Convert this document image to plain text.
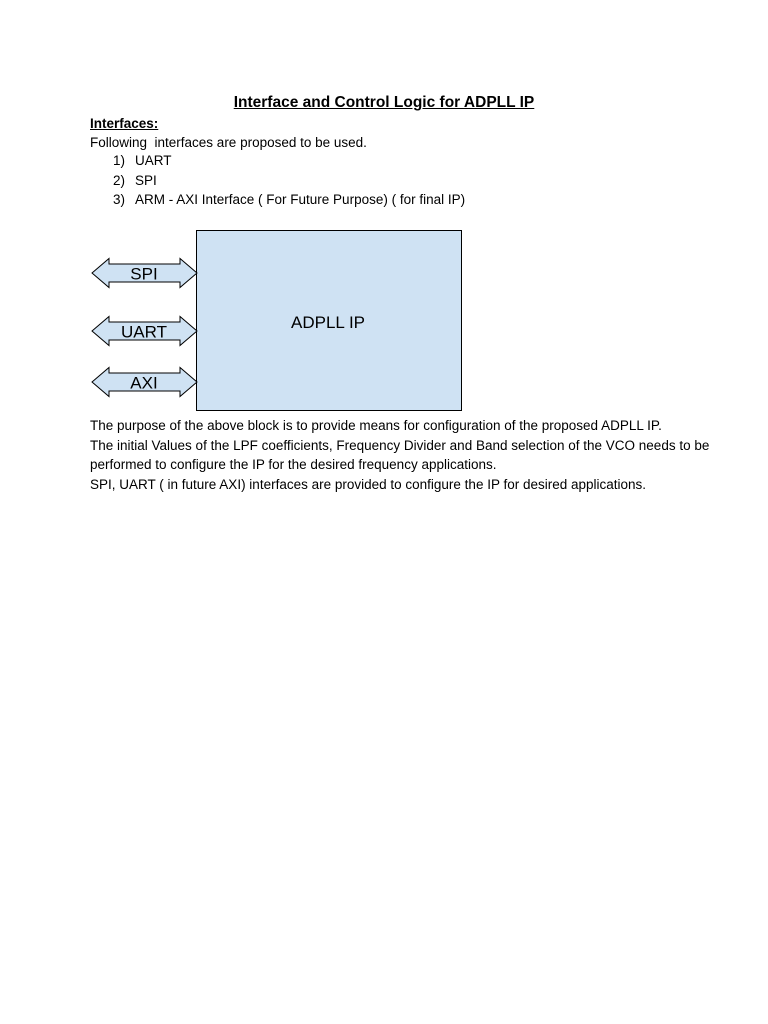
Interface and Control Logic for ADPLL IP
Interfaces:
Following  interfaces are proposed to be used.
1) UART
2) SPI
3) ARM - AXI Interface ( For Future Purpose) ( for final IP)
ADPLL IP
SPI
UART
AXI

The purpose of the above block is to provide means for configuration of the proposed ADPLL IP.

The initial Values of the LPF coefficients, Frequency Divider and Band selection of the VCO needs to be performed to configure the IP for the desired frequency applications.

SPI, UART ( in future AXI) interfaces are provided to configure the IP for desired applications.
